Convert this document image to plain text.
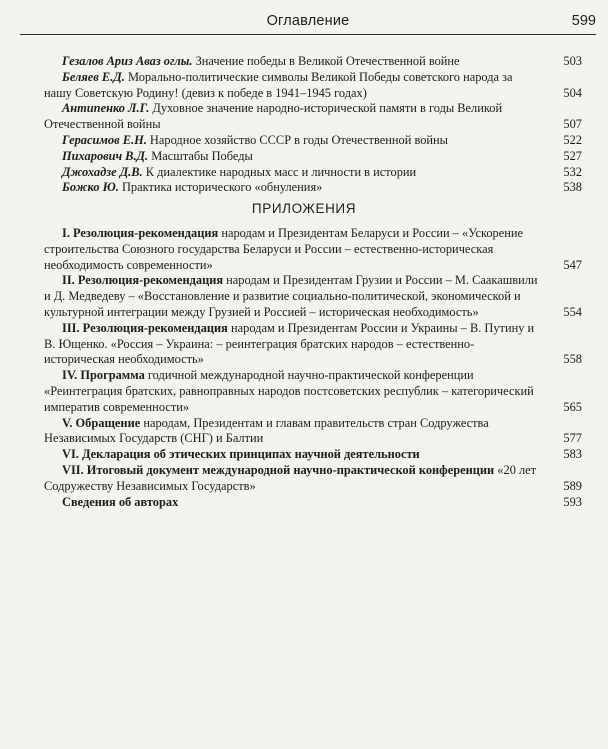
Оглавление	599
Гезалов Ариз Аваз оглы. Значение победы в Великой Отечественной войне	503
Беляев Е.Д. Морально-политические символы Великой Победы советского народа за нашу Советскую Родину! (девиз к победе в 1941–1945 годах)	504
Антипенко Л.Г. Духовное значение народно-исторической памяти в годы Великой Отечественной войны	507
Герасимов Е.Н. Народное хозяйство СССР в годы Отечественной войны	522
Пихарович В.Д. Масштабы Победы	527
Джохадзе Д.В. К диалектике народных масс и личности в истории	532
Божко Ю. Практика исторического «обнуления»	538
ПРИЛОЖЕНИЯ
I. Резолюция-рекомендация народам и Президентам Беларуси и России – «Ускорение строительства Союзного государства Беларуси и России – естественно-историческая необходимость современности»	547
II. Резолюция-рекомендация народам и Президентам Грузии и России – М. Саакашвили и Д. Медведеву – «Восстановление и развитие социально-политической, экономической и культурной интеграции между Грузией и Россией – историческая необходимость»	554
III. Резолюция-рекомендация народам и Президентам России и Украины – В. Путину и В. Ющенко. «Россия – Украина: – реинтеграция братских народов – естественно-историческая необходимость»	558
IV. Программа годичной международной научно-практической конференции «Реинтеграция братских, равноправных народов постсоветских республик – категорический императив современности»	565
V. Обращение народам, Президентам и главам правительств стран Содружества Независимых Государств (СНГ) и Балтии	577
VI. Декларация об этических принципах научной деятельности	583
VII. Итоговый документ международной научно-практической конференции «20 лет Содружеству Независимых Государств»	589
Сведения об авторах	593
